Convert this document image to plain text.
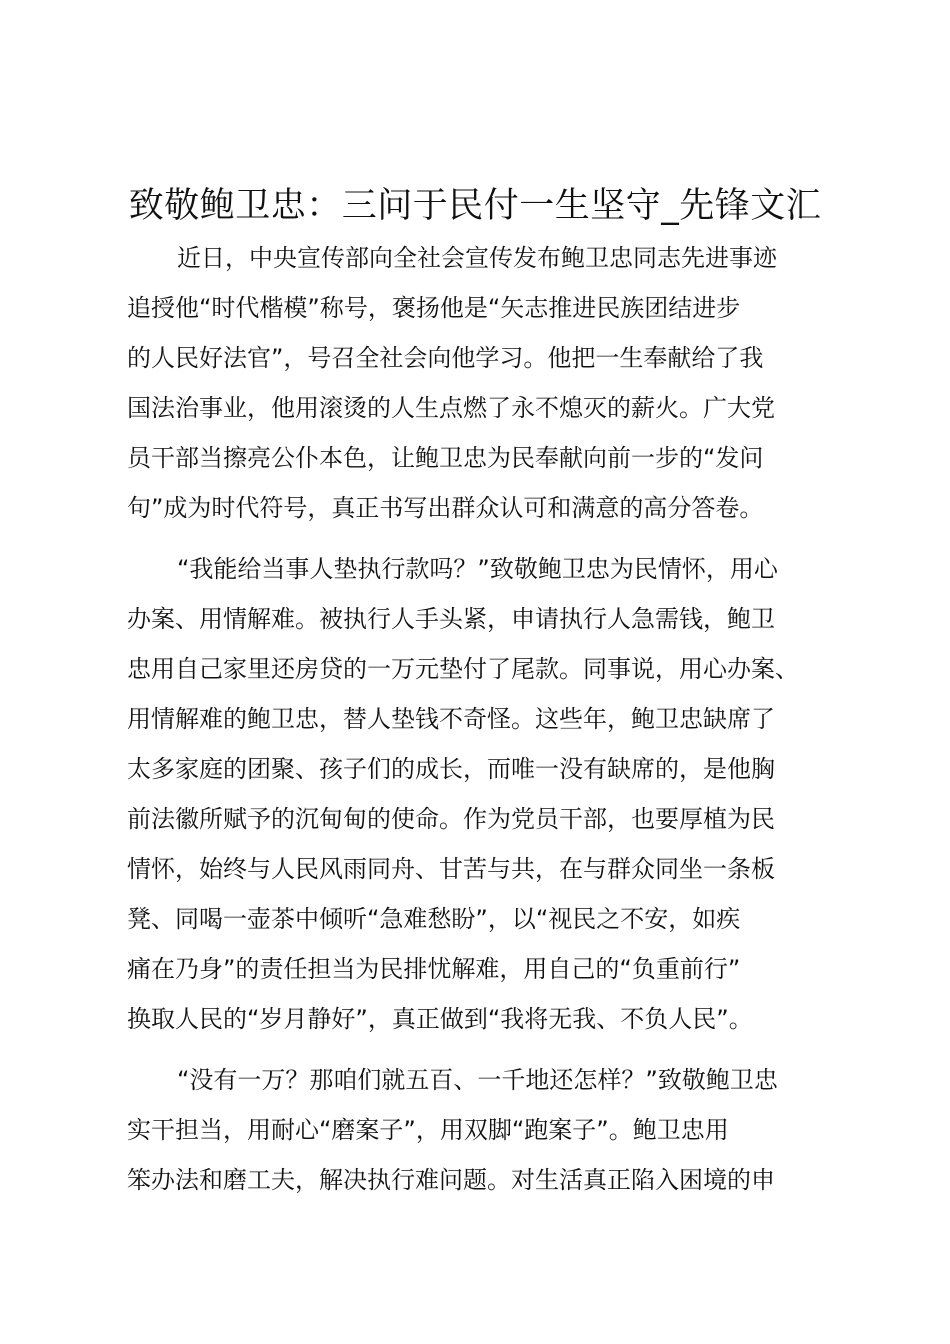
致敬鲍卫忠：三问于民付一生坚守_先锋文汇
近日，中央宣传部向全社会宣传发布鲍卫忠同志先进事迹
追授他“时代楷模”称号，褒扬他是“矢志推进民族团结进步
的人民好法官”，号召全社会向他学习。他把一生奉献给了我
国法治事业，他用滚烫的人生点燃了永不熄灭的薪火。广大党
员干部当擦亮公仆本色，让鲍卫忠为民奉献向前一步的“发问
句”成为时代符号，真正书写出群众认可和满意的高分答卷。
“我能给当事人垫执行款吗？”致敬鲍卫忠为民情怀，用心
办案、用情解难。被执行人手头紧，申请执行人急需钱，鲍卫
忠用自己家里还房贷的一万元垫付了尾款。同事说，用心办案、
用情解难的鲍卫忠，替人垫钱不奇怪。这些年，鲍卫忠缺席了
太多家庭的团聚、孩子们的成长，而唯一没有缺席的，是他胸
前法徽所赋予的沉甸甸的使命。作为党员干部，也要厚植为民
情怀，始终与人民风雨同舟、甘苦与共，在与群众同坐一条板
凳、同喝一壶茶中倾听“急难愁盼”，以“视民之不安，如疾
痛在乃身”的责任担当为民排忧解难，用自己的“负重前行”
换取人民的“岁月静好”，真正做到“我将无我、不负人民”。
“没有一万？那咱们就五百、一千地还怎样？”致敬鲍卫忠
实干担当，用耐心“磨案子”，用双脚“跑案子”。鲍卫忠用
笨办法和磨工夫，解决执行难问题。对生活真正陷入困境的申
